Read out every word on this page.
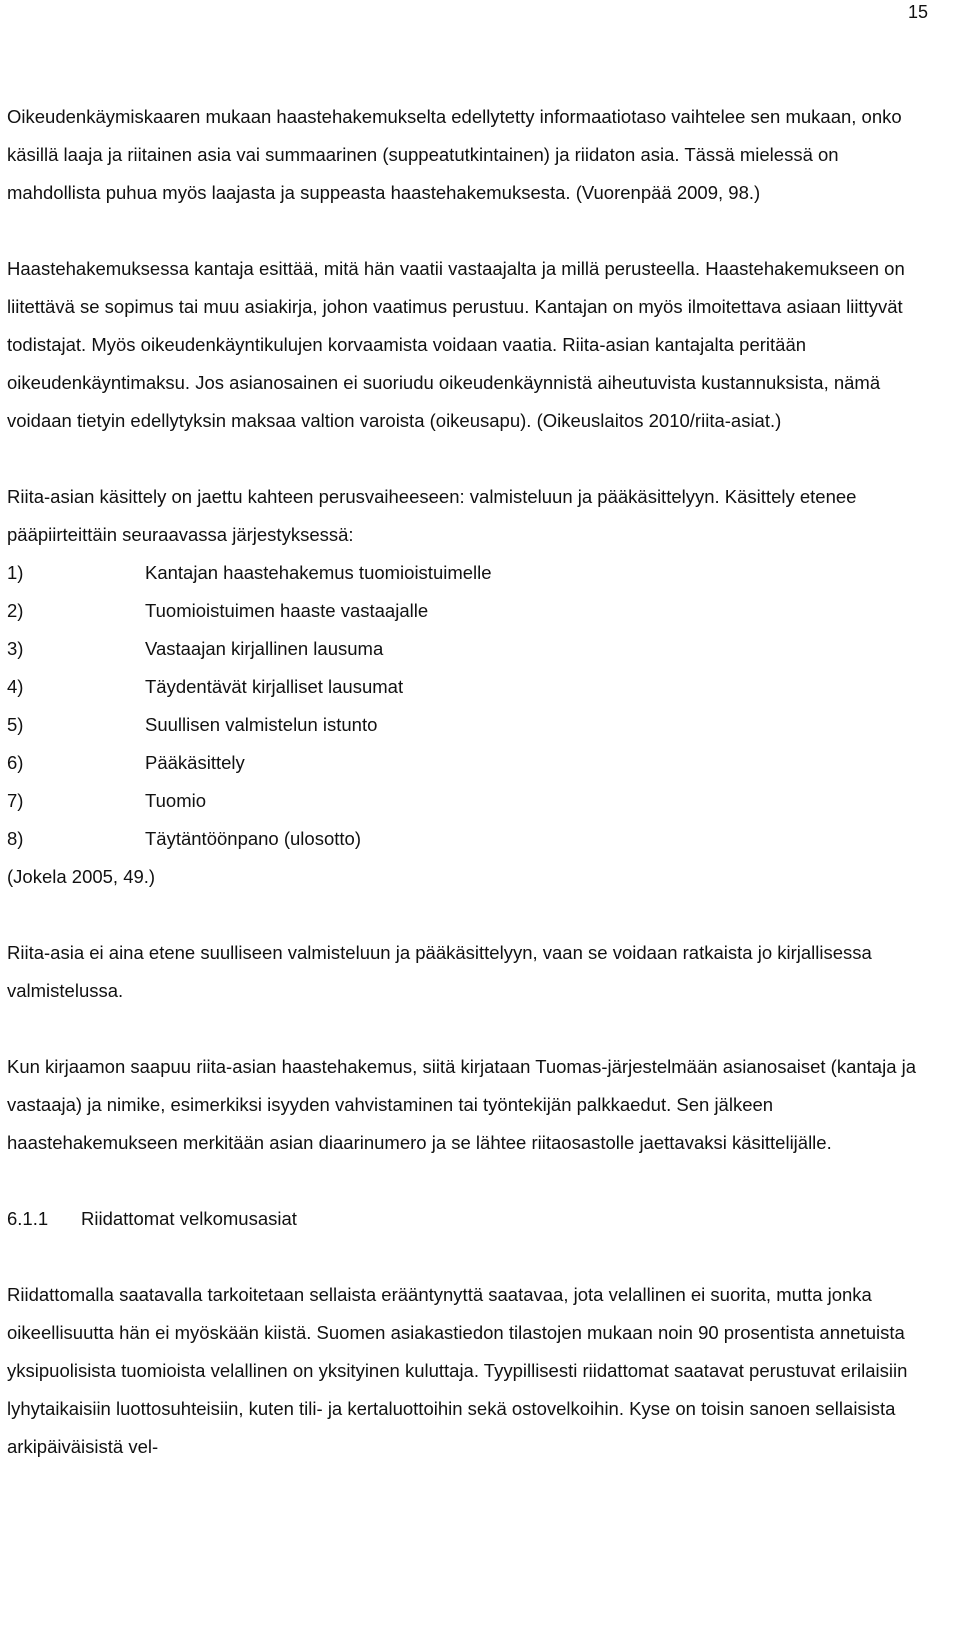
15

Oikeudenkäymiskaaren mukaan haastehakemukselta edellytetty informaatiotaso vaihtelee sen mukaan, onko käsillä laaja ja riitainen asia vai summaarinen (suppeatutkintainen) ja riidaton asia. Tässä mielessä on mahdollista puhua myös laajasta ja suppeasta haastehakemuksesta. (Vuorenpää 2009, 98.)

Haastehakemuksessa kantaja esittää, mitä hän vaatii vastaajalta ja millä perusteella. Haastehakemukseen on liitettävä se sopimus tai muu asiakirja, johon vaatimus perustuu. Kantajan on myös ilmoitettava asiaan liittyvät todistajat. Myös oikeudenkäyntikulujen korvaamista voidaan vaatia. Riita-asian kantajalta peritään oikeudenkäyntimaksu. Jos asianosainen ei suoriudu oikeudenkäynnistä aiheutuvista kustannuksista, nämä voidaan tietyin edellytyksin maksaa valtion varoista (oikeusapu). (Oikeuslaitos 2010/riita-asiat.)

Riita-asian käsittely on jaettu kahteen perusvaiheeseen: valmisteluun ja pääkäsittelyyn. Käsittely etenee pääpiirteittäin seuraavassa järjestyksessä:

1)	Kantajan haastehakemus tuomioistuimelle
2)	Tuomioistuimen haaste vastaajalle
3)	Vastaajan kirjallinen lausuma
4)	Täydentävät kirjalliset lausumat
5)	Suullisen valmistelun istunto
6)	Pääkäsittely
7)	Tuomio
8)	Täytäntöönpano (ulosotto)

(Jokela 2005, 49.)

Riita-asia ei aina etene suulliseen valmisteluun ja pääkäsittelyyn, vaan se voidaan ratkaista jo kirjallisessa valmistelussa.

Kun kirjaamon saapuu riita-asian haastehakemus, siitä kirjataan Tuomas-järjestelmään asianosaiset (kantaja ja vastaaja) ja nimike, esimerkiksi isyyden vahvistaminen tai työntekijän palkkaedut. Sen jälkeen haastehakemukseen merkitään asian diaarinumero ja se lähtee riitaosastolle jaettavaksi käsittelijälle.

6.1.1	Riidattomat velkomusasiat

Riidattomalla saatavalla tarkoitetaan sellaista erääntynyttä saatavaa, jota velallinen ei suorita, mutta jonka oikeellisuutta hän ei myöskään kiistä. Suomen asiakastiedon tilastojen mukaan noin 90 prosentista annetuista yksipuolisista tuomioista velallinen on yksityinen kuluttaja. Tyypillisesti riidattomat saatavat perustuvat erilaisiin lyhytaikaisiin luottosuhteisiin, kuten tili- ja kertaluottoihin sekä ostovelkoihin. Kyse on toisin sanoen sellaisista arkipäiväisistä vel-
